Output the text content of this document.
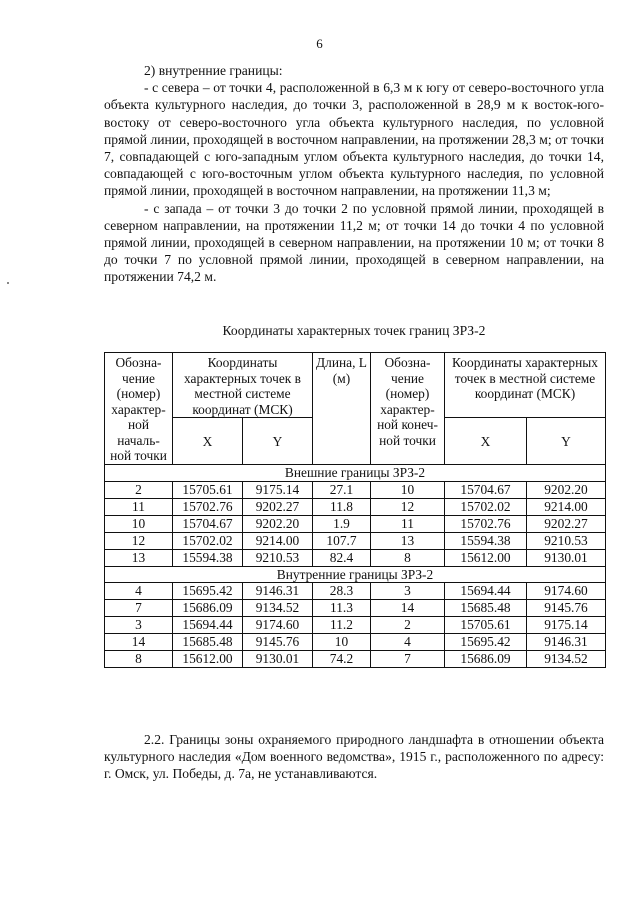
6

2) внутренние границы:

- с севера – от точки 4, расположенной в 6,3 м к югу от северо-восточного угла объекта культурного наследия, до точки 3, расположенной в 28,9 м к восток-юго-востоку от северо-восточного угла объекта культурного наследия, по условной прямой линии, проходящей в восточном направлении, на протяжении 28,3 м; от точки 7, совпадающей с юго-западным углом объекта культурного наследия, до точки 14, совпадающей с юго-восточным углом объекта культурного наследия, по условной прямой линии, проходящей в восточном направлении, на протяжении 11,3 м;

- с запада – от точки 3 до точки 2 по условной прямой линии, проходящей в северном направлении, на протяжении 11,2 м; от точки 14 до точки 4 по условной прямой линии, проходящей в северном направлении, на протяжении 10 м; от точки 8 до точки 7 по условной прямой линии, проходящей в северном направлении, на протяжении 74,2 м.

Координаты характерных точек границ ЗРЗ-2
Обозна-чение (номер) характер-ной началь-ной точки	Координаты характерных точек в местной системе координат (МСК)		Длина, L (м)	Обозна-чение (номер) характер-ной конеч-ной точки	Координаты характерных точек в местной системе координат (МСК)	
	X	Y			X	Y
Внешние границы ЗРЗ-2						
2	15705.61	9175.14	27.1	10	15704.67	9202.20
11	15702.76	9202.27	11.8	12	15702.02	9214.00
10	15704.67	9202.20	1.9	11	15702.76	9202.27
12	15702.02	9214.00	107.7	13	15594.38	9210.53
13	15594.38	9210.53	82.4	8	15612.00	9130.01
Внутренние границы ЗРЗ-2						
4	15695.42	9146.31	28.3	3	15694.44	9174.60
7	15686.09	9134.52	11.3	14	15685.48	9145.76
3	15694.44	9174.60	11.2	2	15705.61	9175.14
14	15685.48	9145.76	10	4	15695.42	9146.31
8	15612.00	9130.01	74.2	7	15686.09	9134.52

2.2. Границы зоны охраняемого природного ландшафта в отношении объекта культурного наследия «Дом военного ведомства», 1915 г., расположенного по адресу: г. Омск, ул. Победы, д. 7а, не устанавливаются.
